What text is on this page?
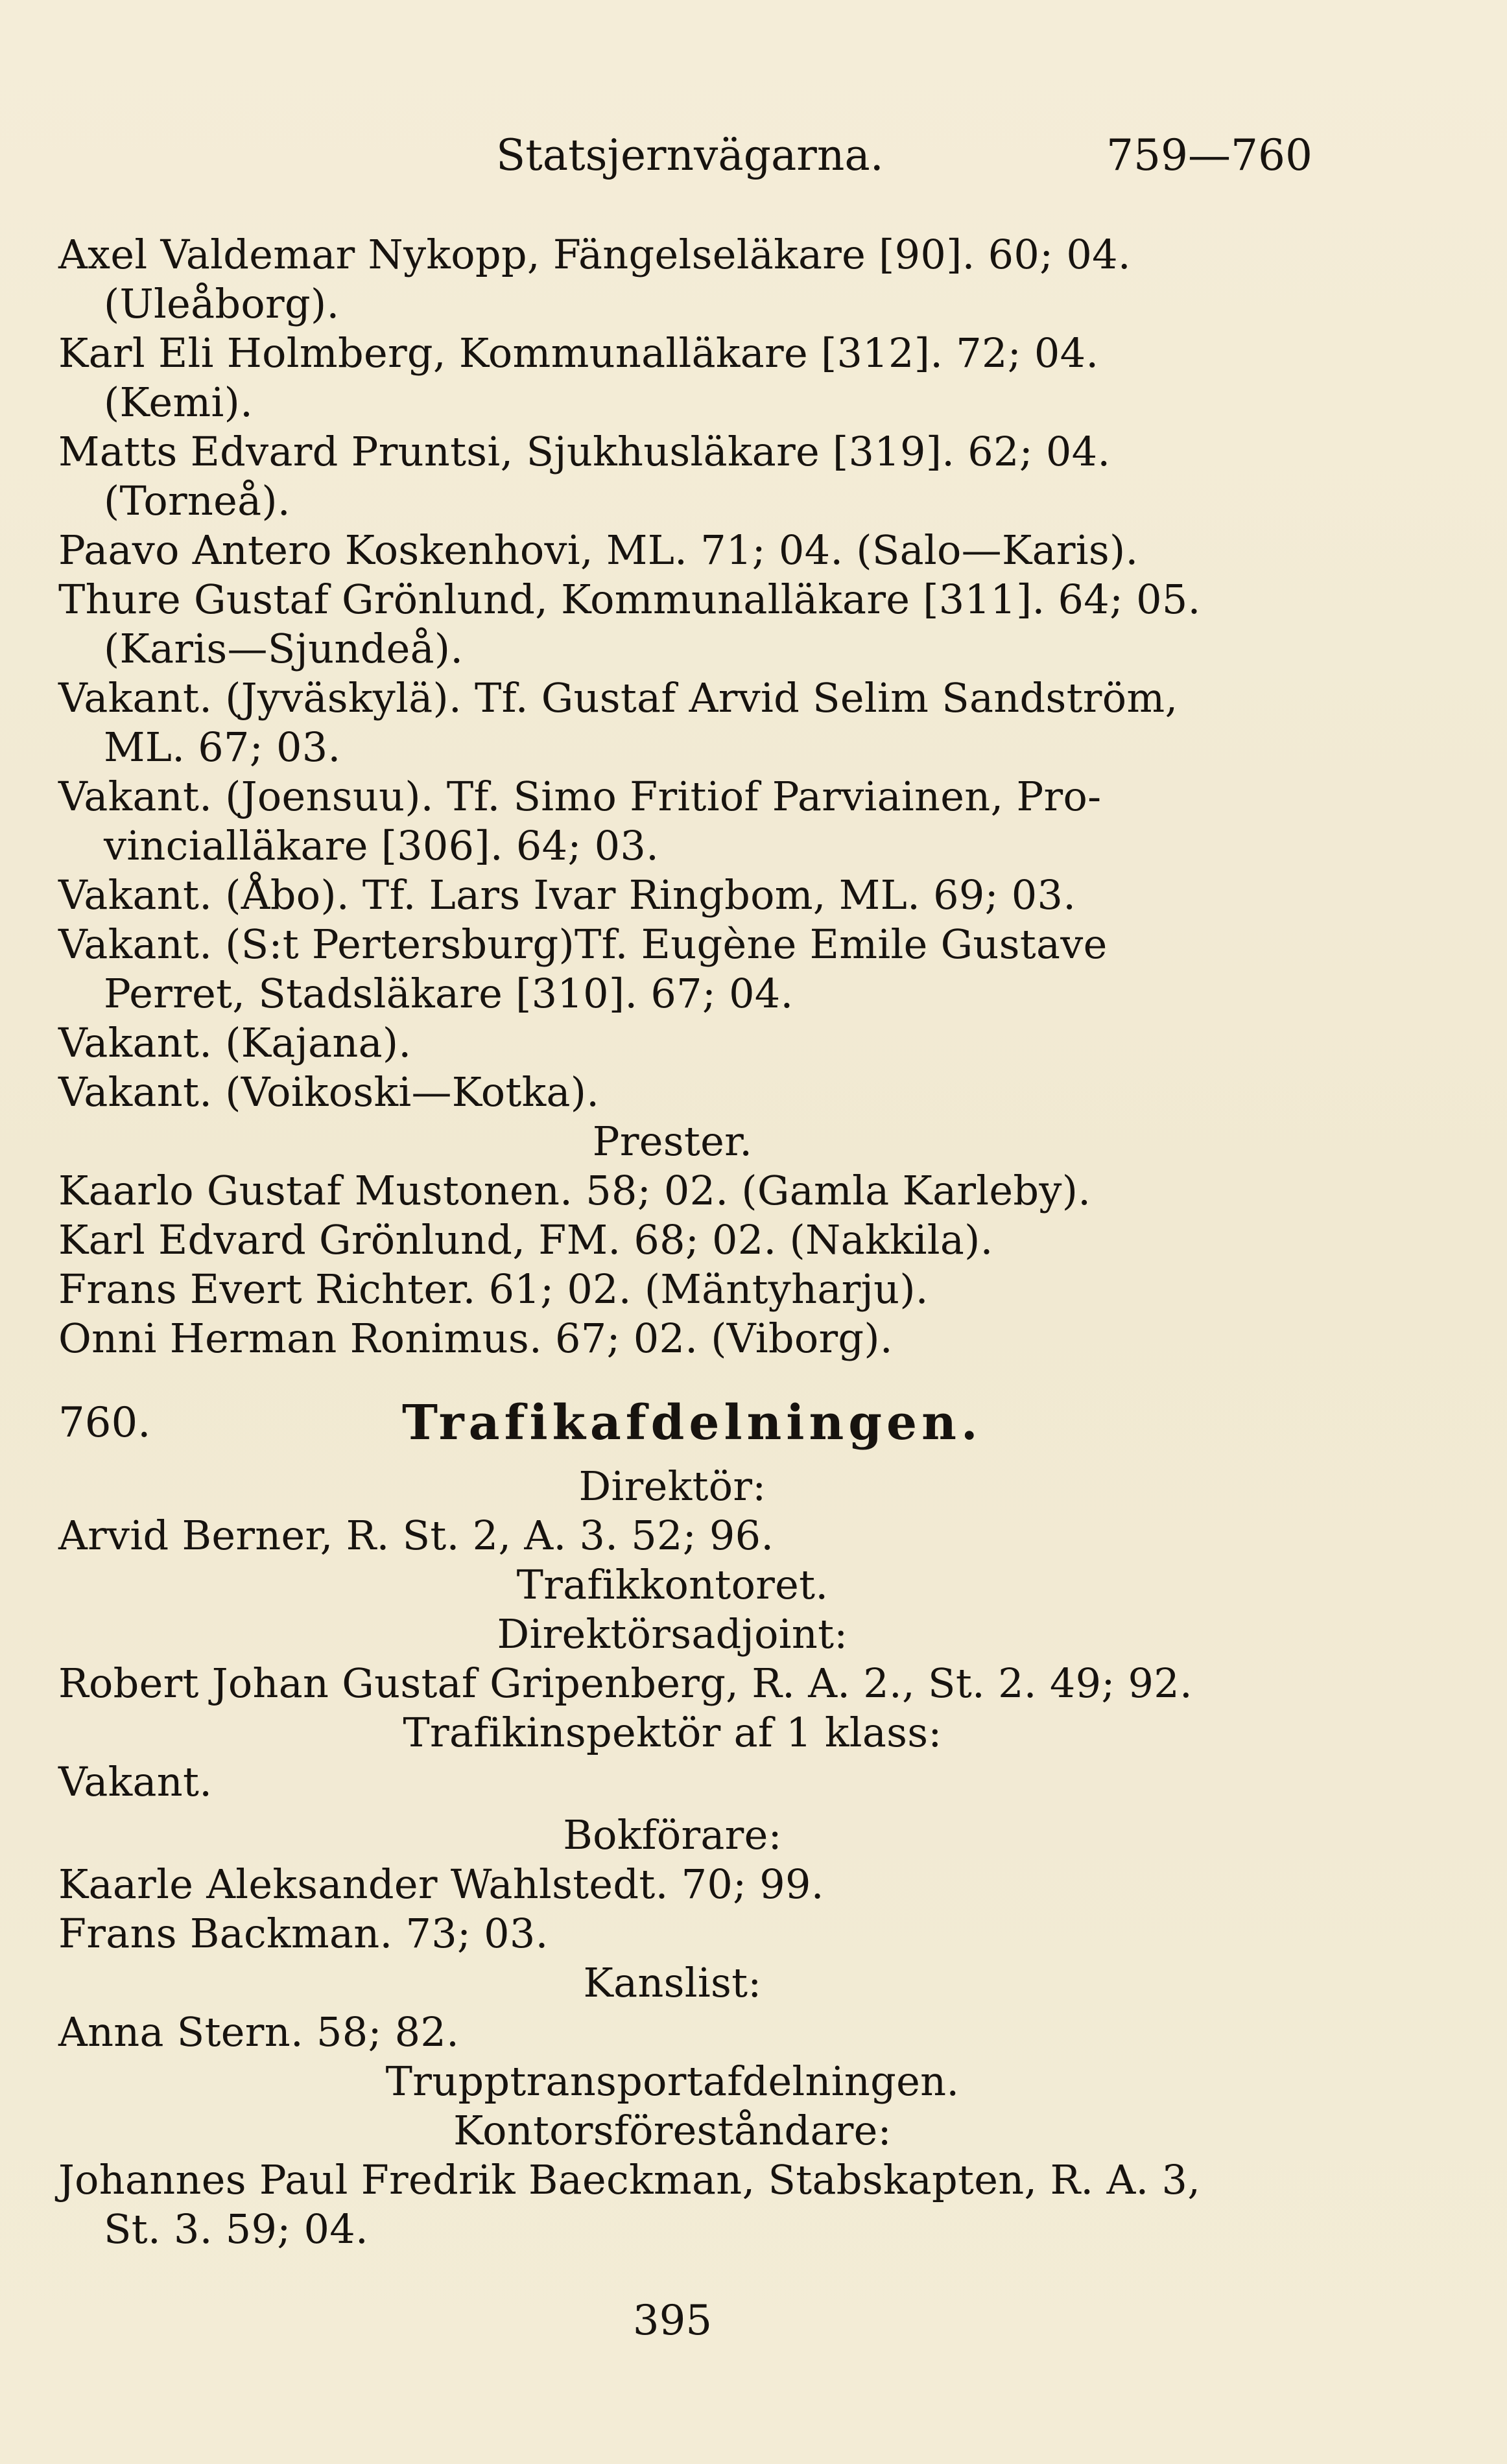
Statsjernvägarna.	759—760
Axel Valdemar Nykopp, Fängelseläkare [90]. 60; 04.
(Uleåborg).
Karl Eli Holmberg, Kommunalläkare [312]. 72; 04.
(Kemi).
Matts Edvard Pruntsi, Sjukhusläkare [319]. 62; 04.
(Torneå).
Paavo Antero Koskenhovi, ML. 71; 04. (Salo—Karis).
Thure Gustaf Grönlund, Kommunalläkare [311]. 64; 05.
(Karis—Sjundeå).
Vakant. (Jyväskylä). Tf. Gustaf Arvid Selim Sandström,
ML. 67; 03.
Vakant. (Joensuu). Tf. Simo Fritiof Parviainen, Pro-
vincialläkare [306]. 64; 03.
Vakant. (Åbo). Tf. Lars Ivar Ringbom, ML. 69; 03.
Vakant. (S:t Pertersburg)Tf. Eugène Emile Gustave
Perret, Stadsläkare [310]. 67; 04.
Vakant. (Kajana).
Vakant. (Voikoski—Kotka).
Prester.
Kaarlo Gustaf Mustonen. 58; 02. (Gamla Karleby).
Karl Edvard Grönlund, FM. 68; 02. (Nakkila).
Frans Evert Richter. 61; 02. (Mäntyharju).
Onni Herman Ronimus. 67; 02. (Viborg).
760.	Trafikafdelningen.
Direktör:
Arvid Berner, R. St. 2, A. 3. 52; 96.
Trafikkontoret.
Direktörsadjoint:
Robert Johan Gustaf Gripenberg, R. A. 2., St. 2. 49; 92.
Trafikinspektör af 1 klass:
Vakant.
Bokförare:
Kaarle Aleksander Wahlstedt. 70; 99.
Frans Backman. 73; 03.
Kanslist:
Anna Stern. 58; 82.
Trupptransportafdelningen.
Kontorsföreståndare:
Johannes Paul Fredrik Baeckman, Stabskapten, R. A. 3,
St. 3. 59; 04.
395
